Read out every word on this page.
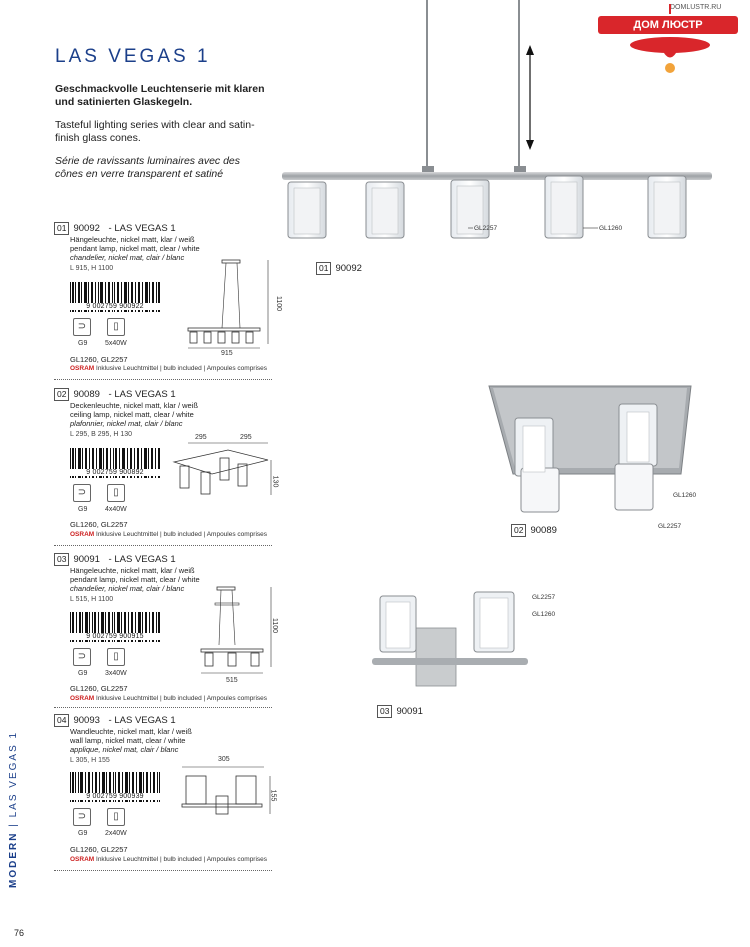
LAS VEGAS 1
Geschmackvolle Leuchtenserie mit klaren und satinierten Glaskegeln.
Tasteful lighting series with clear and satin-finish glass cones.
Série de ravissants luminaires avec des cônes en verre transparent et satiné
DOMLUSTR.RU
ДОМ ЛЮСТР
01 90092 - LAS VEGAS 1
Hängeleuchte, nickel matt, klar / weiß
pendant lamp, nickel matt, clear / white
chandelier, nickel mat, clair / blanc
L 915, H 1100
9 002759 900922
⊃	▯
G9	5x40W
GL1260, GL2257
OSRAM Inklusive Leuchtmittel | bulb included | Ampoules comprises
915
1100
02 90089 - LAS VEGAS 1
Deckenleuchte, nickel matt, klar / weiß
ceiling lamp, nickel matt, clear / white
plafonnier, nickel mat, clair / blanc
L 295, B 295, H 130
9 002759 900892
⊃	▯
G9	4x40W
GL1260, GL2257
OSRAM Inklusive Leuchtmittel | bulb included | Ampoules comprises
295	295
130
03 90091 - LAS VEGAS 1
Hängeleuchte, nickel matt, klar / weiß
pendant lamp, nickel matt, clear / white
chandelier, nickel mat, clair / blanc
L 515, H 1100
9 002759 900915
⊃	▯
G9	3x40W
GL1260, GL2257
OSRAM Inklusive Leuchtmittel | bulb included | Ampoules comprises
515
1100
04 90093 - LAS VEGAS 1
Wandleuchte, nickel matt, klar / weiß
wall lamp, nickel matt, clear / white
applique, nickel mat, clair / blanc
L 305, H 155
9 002759 900939
⊃	▯
G9	2x40W
GL1260, GL2257
OSRAM Inklusive Leuchtmittel | bulb included | Ampoules comprises
305
155
GL2257	GL1260
01 90092
GL1260
GL2257
02 90089
GL2257
GL1260
03 90091
MODERN | LAS VEGAS 1
76
